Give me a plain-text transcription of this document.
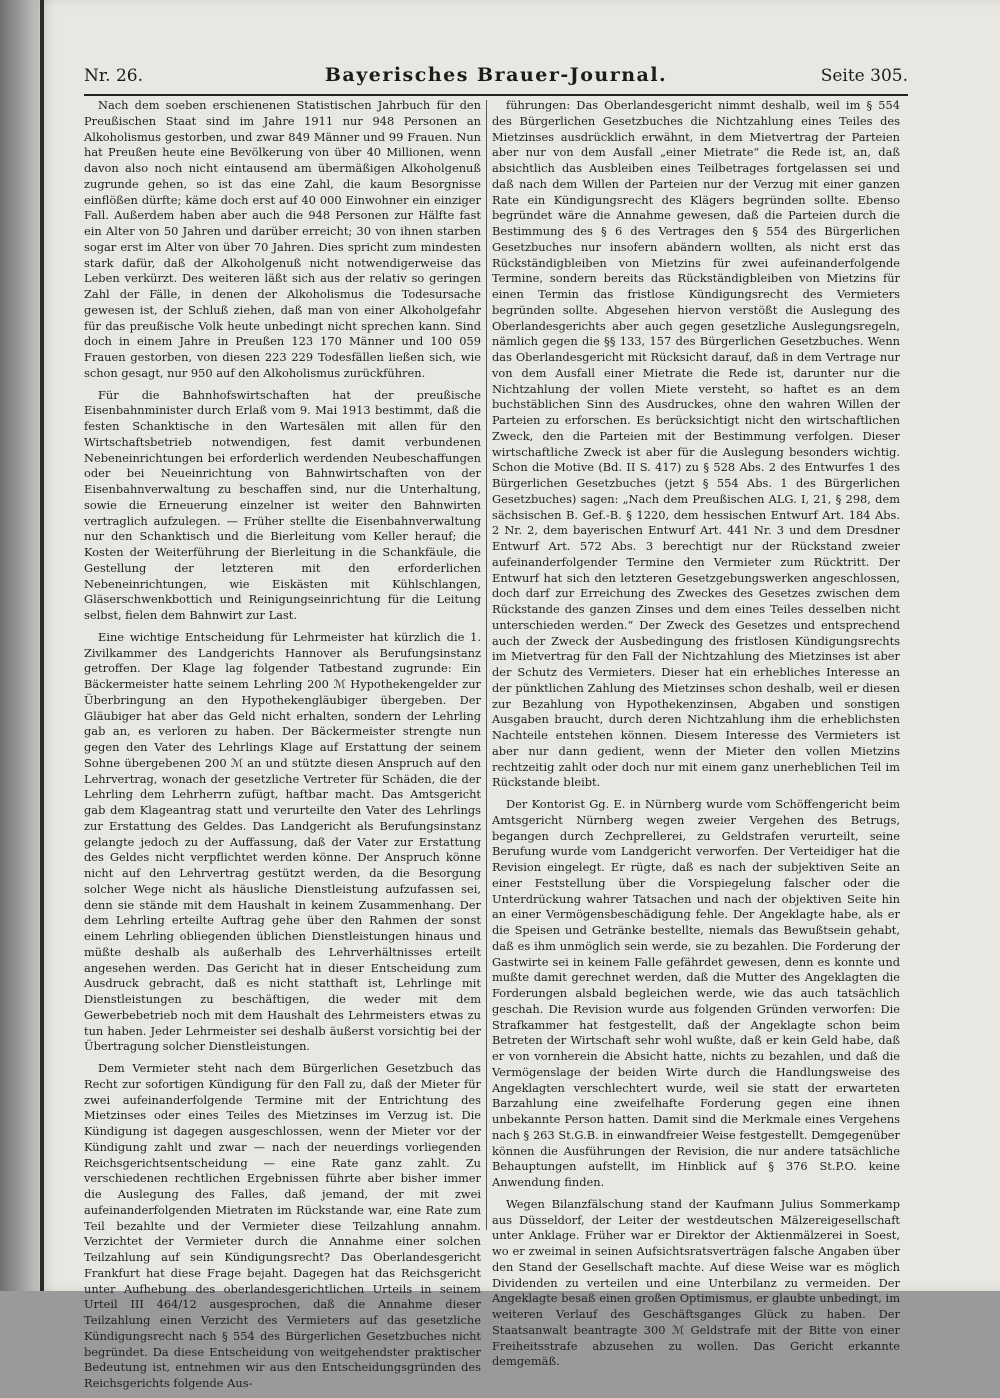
Nr. 26.	Bayerisches Brauer-Journal.	Seite 305.

Nach dem soeben erschienenen Statistischen Jahrbuch für den Preußischen Staat sind im Jahre 1911 nur 948 Personen an Alkoholismus gestorben, und zwar 849 Männer und 99 Frauen. Nun hat Preußen heute eine Bevölkerung von über 40 Millionen, wenn davon also noch nicht eintausend am übermäßigen Alkoholgenuß zugrunde gehen, so ist das eine Zahl, die kaum Besorgnisse einflößen dürfte; käme doch erst auf 40 000 Einwohner ein einziger Fall. Außerdem haben aber auch die 948 Personen zur Hälfte fast ein Alter von 50 Jahren und darüber erreicht; 30 von ihnen starben sogar erst im Alter von über 70 Jahren. Dies spricht zum mindesten stark dafür, daß der Alkoholgenuß nicht notwendigerweise das Leben verkürzt. Des weiteren läßt sich aus der relativ so geringen Zahl der Fälle, in denen der Alkoholismus die Todesursache gewesen ist, der Schluß ziehen, daß man von einer Alkoholgefahr für das preußische Volk heute unbedingt nicht sprechen kann. Sind doch in einem Jahre in Preußen 123 170 Männer und 100 059 Frauen gestorben, von diesen 223 229 Todesfällen ließen sich, wie schon gesagt, nur 950 auf den Alkoholismus zurückführen.

Für die Bahnhofswirtschaften hat der preußische Eisenbahnminister durch Erlaß vom 9. Mai 1913 bestimmt, daß die festen Schanktische in den Wartesälen mit allen für den Wirtschaftsbetrieb notwendigen, fest damit verbundenen Nebeneinrichtungen bei erforderlich werdenden Neubeschaffungen oder bei Neueinrichtung von Bahnwirtschaften von der Eisenbahnverwaltung zu beschaffen sind, nur die Unterhaltung, sowie die Erneuerung einzelner ist weiter den Bahnwirten vertraglich aufzulegen. — Früher stellte die Eisenbahnverwaltung nur den Schanktisch und die Bierleitung vom Keller herauf; die Kosten der Weiterführung der Bierleitung in die Schankfäule, die Gestellung der letzteren mit den erforderlichen Nebeneinrichtungen, wie Eiskästen mit Kühlschlangen, Gläserschwenkbottich und Reinigungseinrichtung für die Leitung selbst, fielen dem Bahnwirt zur Last.

Eine wichtige Entscheidung für Lehrmeister hat kürzlich die 1. Zivilkammer des Landgerichts Hannover als Berufungsinstanz getroffen. Der Klage lag folgender Tatbestand zugrunde: Ein Bäckermeister hatte seinem Lehrling 200 ℳ Hypothekengelder zur Überbringung an den Hypothekengläubiger übergeben. Der Gläubiger hat aber das Geld nicht erhalten, sondern der Lehrling gab an, es verloren zu haben. Der Bäckermeister strengte nun gegen den Vater des Lehrlings Klage auf Erstattung der seinem Sohne übergebenen 200 ℳ an und stützte diesen Anspruch auf den Lehrvertrag, wonach der gesetzliche Vertreter für Schäden, die der Lehrling dem Lehrherrn zufügt, haftbar macht. Das Amtsgericht gab dem Klageantrag statt und verurteilte den Vater des Lehrlings zur Erstattung des Geldes. Das Landgericht als Berufungsinstanz gelangte jedoch zu der Auffassung, daß der Vater zur Erstattung des Geldes nicht verpflichtet werden könne. Der Anspruch könne nicht auf den Lehrvertrag gestützt werden, da die Besorgung solcher Wege nicht als häusliche Dienstleistung aufzufassen sei, denn sie stände mit dem Haushalt in keinem Zusammenhang. Der dem Lehrling erteilte Auftrag gehe über den Rahmen der sonst einem Lehrling obliegenden üblichen Dienstleistungen hinaus und müßte deshalb als außerhalb des Lehrverhältnisses erteilt angesehen werden. Das Gericht hat in dieser Entscheidung zum Ausdruck gebracht, daß es nicht statthaft ist, Lehrlinge mit Dienstleistungen zu beschäftigen, die weder mit dem Gewerbebetrieb noch mit dem Haushalt des Lehrmeisters etwas zu tun haben. Jeder Lehrmeister sei deshalb äußerst vorsichtig bei der Übertragung solcher Dienstleistungen.

Dem Vermieter steht nach dem Bürgerlichen Gesetzbuch das Recht zur sofortigen Kündigung für den Fall zu, daß der Mieter für zwei aufeinanderfolgende Termine mit der Entrichtung des Mietzinses oder eines Teiles des Mietzinses im Verzug ist. Die Kündigung ist dagegen ausgeschlossen, wenn der Mieter vor der Kündigung zahlt und zwar — nach der neuerdings vorliegenden Reichsgerichtsentscheidung — eine Rate ganz zahlt. Zu verschiedenen rechtlichen Ergebnissen führte aber bisher immer die Auslegung des Falles, daß jemand, der mit zwei aufeinanderfolgenden Mietraten im Rückstande war, eine Rate zum Teil bezahlte und der Vermieter diese Teilzahlung annahm. Verzichtet der Vermieter durch die Annahme einer solchen Teilzahlung auf sein Kündigungsrecht? Das Oberlandesgericht Frankfurt hat diese Frage bejaht. Dagegen hat das Reichsgericht unter Aufhebung des oberlandesgerichtlichen Urteils in seinem Urteil III 464/12 ausgesprochen, daß die Annahme dieser Teilzahlung einen Verzicht des Vermieters auf das gesetzliche Kündigungsrecht nach § 554 des Bürgerlichen Gesetzbuches nicht begründet. Da diese Entscheidung von weitgehendster praktischer Bedeutung ist, entnehmen wir aus den Entscheidungsgründen des Reichsgerichts folgende Aus-

führungen: Das Oberlandesgericht nimmt deshalb, weil im § 554 des Bürgerlichen Gesetzbuches die Nichtzahlung eines Teiles des Mietzinses ausdrücklich erwähnt, in dem Mietvertrag der Parteien aber nur von dem Ausfall „einer Mietrate“ die Rede ist, an, daß absichtlich das Ausbleiben eines Teilbetrages fortgelassen sei und daß nach dem Willen der Parteien nur der Verzug mit einer ganzen Rate ein Kündigungsrecht des Klägers begründen sollte. Ebenso begründet wäre die Annahme gewesen, daß die Parteien durch die Bestimmung des § 6 des Vertrages den § 554 des Bürgerlichen Gesetzbuches nur insofern abändern wollten, als nicht erst das Rückständigbleiben von Mietzins für zwei aufeinanderfolgende Termine, sondern bereits das Rückständigbleiben von Mietzins für einen Termin das fristlose Kündigungsrecht des Vermieters begründen sollte. Abgesehen hiervon verstößt die Auslegung des Oberlandesgerichts aber auch gegen gesetzliche Auslegungsregeln, nämlich gegen die §§ 133, 157 des Bürgerlichen Gesetzbuches. Wenn das Oberlandesgericht mit Rücksicht darauf, daß in dem Vertrage nur von dem Ausfall einer Mietrate die Rede ist, darunter nur die Nichtzahlung der vollen Miete versteht, so haftet es an dem buchstäblichen Sinn des Ausdruckes, ohne den wahren Willen der Parteien zu erforschen. Es berücksichtigt nicht den wirtschaftlichen Zweck, den die Parteien mit der Bestimmung verfolgen. Dieser wirtschaftliche Zweck ist aber für die Auslegung besonders wichtig. Schon die Motive (Bd. II S. 417) zu § 528 Abs. 2 des Entwurfes 1 des Bürgerlichen Gesetzbuches (jetzt § 554 Abs. 1 des Bürgerlichen Gesetzbuches) sagen: „Nach dem Preußischen ALG. I, 21, § 298, dem sächsischen B. Gef.-B. § 1220, dem hessischen Entwurf Art. 184 Abs. 2 Nr. 2, dem bayerischen Entwurf Art. 441 Nr. 3 und dem Dresdner Entwurf Art. 572 Abs. 3 berechtigt nur der Rückstand zweier aufeinanderfolgender Termine den Vermieter zum Rücktritt. Der Entwurf hat sich den letzteren Gesetzgebungswerken angeschlossen, doch darf zur Erreichung des Zweckes des Gesetzes zwischen dem Rückstande des ganzen Zinses und dem eines Teiles desselben nicht unterschieden werden.“ Der Zweck des Gesetzes und entsprechend auch der Zweck der Ausbedingung des fristlosen Kündigungsrechts im Mietvertrag für den Fall der Nichtzahlung des Mietzinses ist aber der Schutz des Vermieters. Dieser hat ein erhebliches Interesse an der pünktlichen Zahlung des Mietzinses schon deshalb, weil er diesen zur Bezahlung von Hypothekenzinsen, Abgaben und sonstigen Ausgaben braucht, durch deren Nichtzahlung ihm die erheblichsten Nachteile entstehen können. Diesem Interesse des Vermieters ist aber nur dann gedient, wenn der Mieter den vollen Mietzins rechtzeitig zahlt oder doch nur mit einem ganz unerheblichen Teil im Rückstande bleibt.

Der Kontorist Gg. E. in Nürnberg wurde vom Schöffengericht beim Amtsgericht Nürnberg wegen zweier Vergehen des Betrugs, begangen durch Zechprellerei, zu Geldstrafen verurteilt, seine Berufung wurde vom Landgericht verworfen. Der Verteidiger hat die Revision eingelegt. Er rügte, daß es nach der subjektiven Seite an einer Feststellung über die Vorspiegelung falscher oder die Unterdrückung wahrer Tatsachen und nach der objektiven Seite hin an einer Vermögensbeschädigung fehle. Der Angeklagte habe, als er die Speisen und Getränke bestellte, niemals das Bewußtsein gehabt, daß es ihm unmöglich sein werde, sie zu bezahlen. Die Forderung der Gastwirte sei in keinem Falle gefährdet gewesen, denn es konnte und mußte damit gerechnet werden, daß die Mutter des Angeklagten die Forderungen alsbald begleichen werde, wie das auch tatsächlich geschah. Die Revision wurde aus folgenden Gründen verworfen: Die Strafkammer hat festgestellt, daß der Angeklagte schon beim Betreten der Wirtschaft sehr wohl wußte, daß er kein Geld habe, daß er von vornherein die Absicht hatte, nichts zu bezahlen, und daß die Vermögenslage der beiden Wirte durch die Handlungsweise des Angeklagten verschlechtert wurde, weil sie statt der erwarteten Barzahlung eine zweifelhafte Forderung gegen eine ihnen unbekannte Person hatten. Damit sind die Merkmale eines Vergehens nach § 263 St.G.B. in einwandfreier Weise festgestellt. Demgegenüber können die Ausführungen der Revision, die nur andere tatsächliche Behauptungen aufstellt, im Hinblick auf § 376 St.P.O. keine Anwendung finden.

Wegen Bilanzfälschung stand der Kaufmann Julius Sommerkamp aus Düsseldorf, der Leiter der westdeutschen Mälzereigesellschaft unter Anklage. Früher war er Direktor der Aktienmälzerei in Soest, wo er zweimal in seinen Aufsichtsratsverträgen falsche Angaben über den Stand der Gesellschaft machte. Auf diese Weise war es möglich Dividenden zu verteilen und eine Unterbilanz zu vermeiden. Der Angeklagte besaß einen großen Optimismus, er glaubte unbedingt, im weiteren Verlauf des Geschäftsganges Glück zu haben. Der Staatsanwalt beantragte 300 ℳ Geldstrafe mit der Bitte von einer Freiheitsstrafe abzusehen zu wollen. Das Gericht erkannte demgemäß.
